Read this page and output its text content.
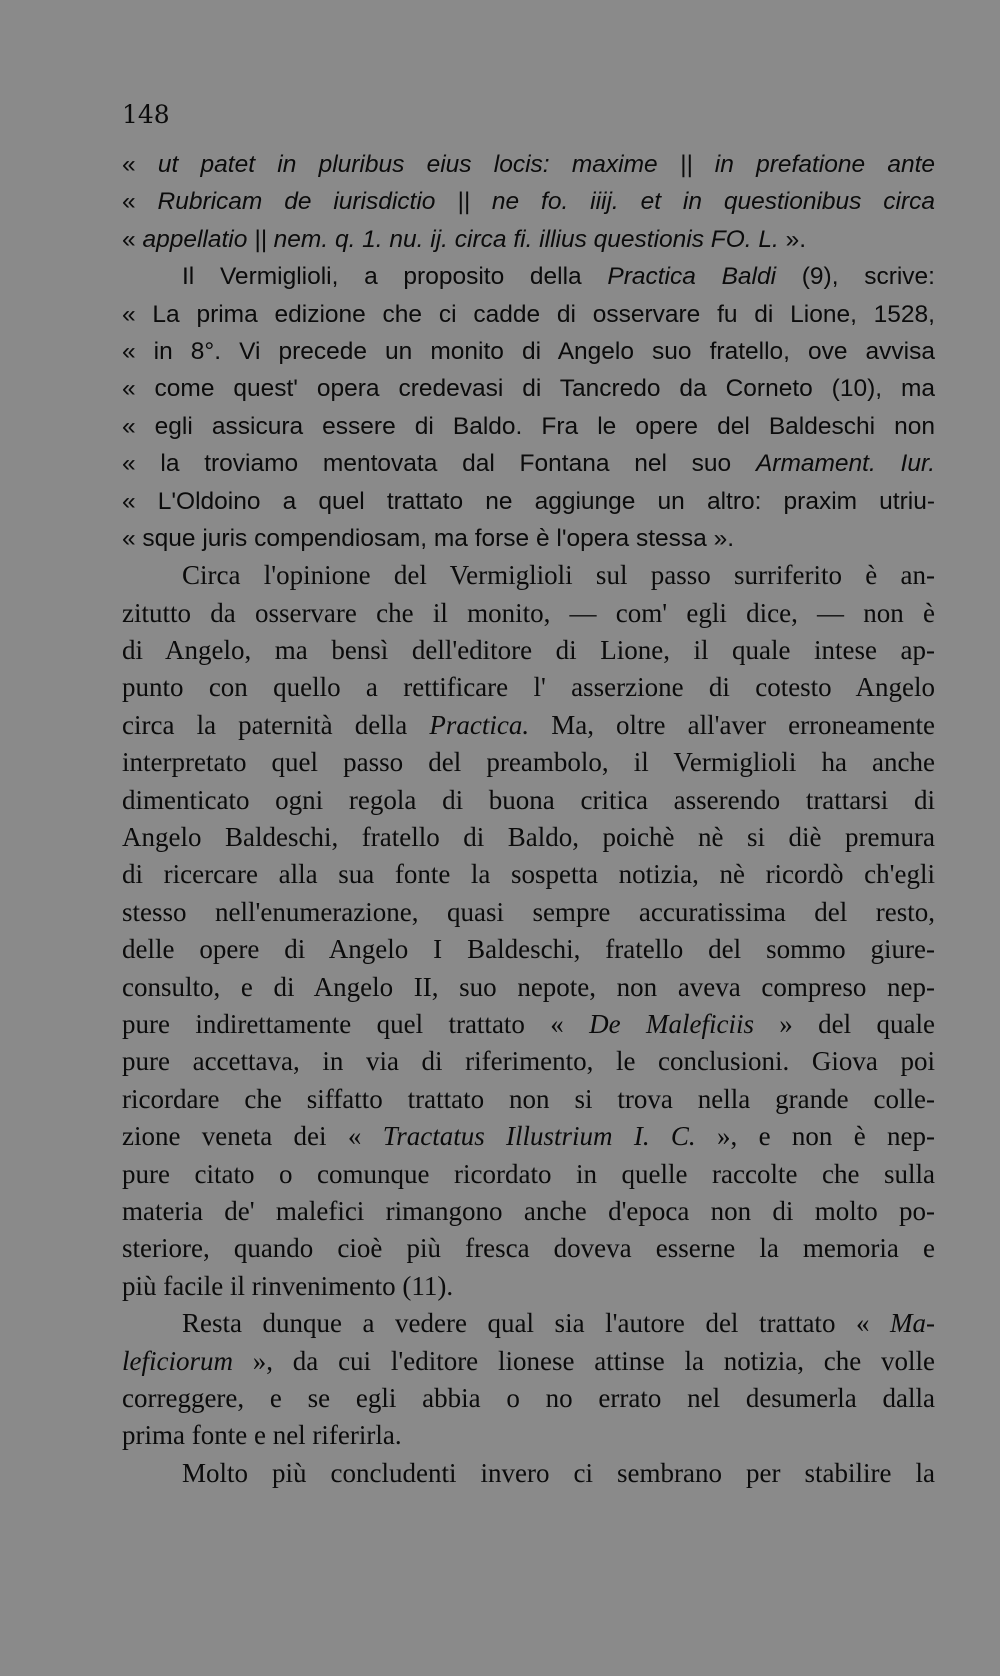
148
« ut patet in pluribus eius locis: maxime || in prefatione ante
« Rubricam de iurisdictio || ne fo. iiij. et in questionibus circa
« appellatio || nem. q. 1. nu. ij. circa fi. illius questionis FO. L. ».
Il Vermiglioli, a proposito della Practica Baldi (9), scrive:
« La prima edizione che ci cadde di osservare fu di Lione, 1528,
« in 8°. Vi precede un monito di Angelo suo fratello, ove avvisa
« come quest' opera credevasi di Tancredo da Corneto (10), ma
« egli assicura essere di Baldo. Fra le opere del Baldeschi non
« la troviamo mentovata dal Fontana nel suo Armament. Iur.
« L'Oldoino a quel trattato ne aggiunge un altro: praxim utriu-
« sque juris compendiosam, ma forse è l'opera stessa ».
Circa l'opinione del Vermiglioli sul passo surriferito è an-
zitutto da osservare che il monito, — com' egli dice, — non è
di Angelo, ma bensì dell'editore di Lione, il quale intese ap-
punto con quello a rettificare l' asserzione di cotesto Angelo
circa la paternità della Practica. Ma, oltre all'aver erroneamente
interpretato quel passo del preambolo, il Vermiglioli ha anche
dimenticato ogni regola di buona critica asserendo trattarsi di
Angelo Baldeschi, fratello di Baldo, poichè nè si diè premura
di ricercare alla sua fonte la sospetta notizia, nè ricordò ch'egli
stesso nell'enumerazione, quasi sempre accuratissima del resto,
delle opere di Angelo I Baldeschi, fratello del sommo giure-
consulto, e di Angelo II, suo nepote, non aveva compreso nep-
pure indirettamente quel trattato « De Maleficiis » del quale
pure accettava, in via di riferimento, le conclusioni. Giova poi
ricordare che siffatto trattato non si trova nella grande colle-
zione veneta dei « Tractatus Illustrium I. C. », e non è nep-
pure citato o comunque ricordato in quelle raccolte che sulla
materia de' malefici rimangono anche d'epoca non di molto po-
steriore, quando cioè più fresca doveva esserne la memoria e
più facile il rinvenimento (11).
Resta dunque a vedere qual sia l'autore del trattato « Ma-
leficiorum », da cui l'editore lionese attinse la notizia, che volle
correggere, e se egli abbia o no errato nel desumerla dalla
prima fonte e nel riferirla.
Molto più concludenti invero ci sembrano per stabilire la
